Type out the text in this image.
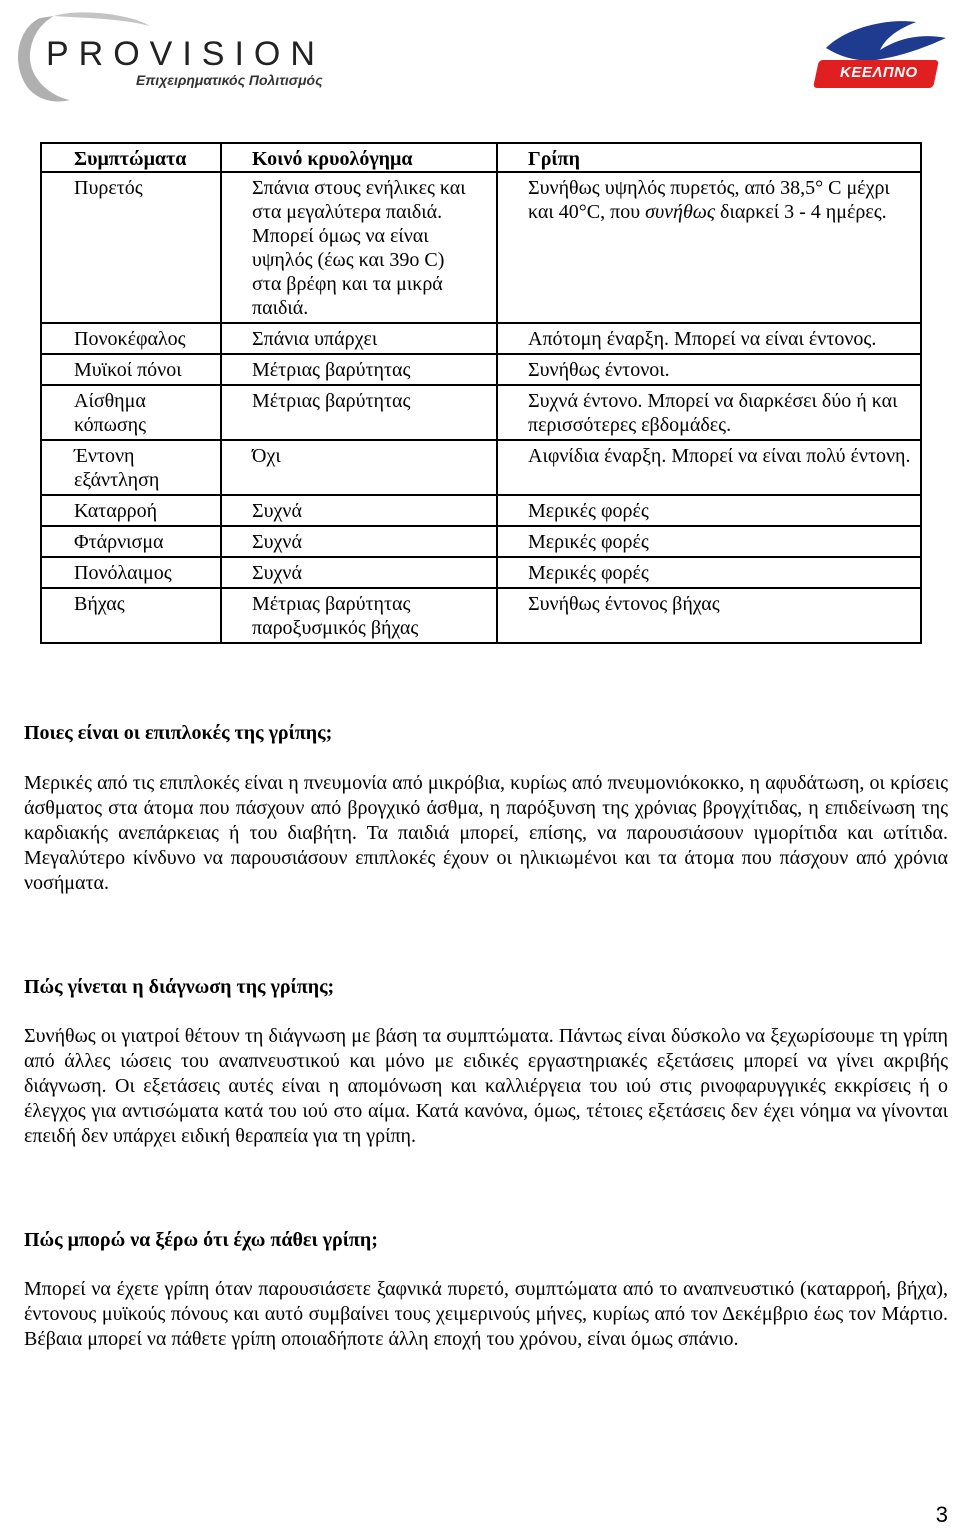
PROVISION
Επιχειρηματικός Πολιτισμός	ΚΕΕΛΠΝΟ
Συμπτώματα	Κοινό κρυολόγημα	Γρίπη
Πυρετός	Σπάνια στους ενήλικες και στα μεγαλύτερα παιδιά. Μπορεί όμως να είναι υψηλός (έως και 39ο C) στα βρέφη και τα μικρά παιδιά.	Συνήθως υψηλός πυρετός, από 38,5° C μέχρι και 40°C, που συνήθως διαρκεί 3 - 4 ημέρες.
Πονοκέφαλος	Σπάνια υπάρχει	Απότομη έναρξη. Μπορεί να είναι έντονος.
Μυϊκοί πόνοι	Μέτριας βαρύτητας	Συνήθως έντονοι.
Αίσθημα κόπωσης	Μέτριας βαρύτητας	Συχνά έντονο. Μπορεί να διαρκέσει δύο ή και περισσότερες εβδομάδες.
Έντονη εξάντληση	Όχι	Αιφνίδια έναρξη. Μπορεί να είναι πολύ έντονη.
Καταρροή	Συχνά	Μερικές φορές
Φτάρνισμα	Συχνά	Μερικές φορές
Πονόλαιμος	Συχνά	Μερικές φορές
Βήχας	Μέτριας βαρύτητας παροξυσμικός βήχας	Συνήθως έντονος βήχας
Ποιες είναι οι επιπλοκές της γρίπης;

Μερικές από τις επιπλοκές είναι η πνευμονία από μικρόβια, κυρίως από πνευμονιόκοκκο, η αφυδάτωση, οι κρίσεις άσθματος στα άτομα που πάσχουν από βρογχικό άσθμα, η παρόξυνση της χρόνιας βρογχίτιδας, η επιδείνωση της καρδιακής ανεπάρκειας ή του διαβήτη. Τα παιδιά μπορεί, επίσης, να παρουσιάσουν ιγμορίτιδα και ωτίτιδα. Μεγαλύτερο κίνδυνο να παρουσιάσουν επιπλοκές έχουν οι ηλικιωμένοι και τα άτομα που πάσχουν από χρόνια νοσήματα.

Πώς γίνεται η διάγνωση της γρίπης;

Συνήθως οι γιατροί θέτουν τη διάγνωση με βάση τα συμπτώματα. Πάντως είναι δύσκολο να ξεχωρίσουμε τη γρίπη από άλλες ιώσεις του αναπνευστικού και μόνο με ειδικές εργαστηριακές εξετάσεις μπορεί να γίνει ακριβής διάγνωση. Οι εξετάσεις αυτές είναι η απομόνωση και καλλιέργεια του ιού στις ρινοφαρυγγικές εκκρίσεις ή ο έλεγχος για αντισώματα κατά του ιού στο αίμα. Κατά κανόνα, όμως, τέτοιες εξετάσεις δεν έχει νόημα να γίνονται επειδή δεν υπάρχει ειδική θεραπεία για τη γρίπη.

Πώς μπορώ να ξέρω ότι έχω πάθει γρίπη;

Μπορεί να έχετε γρίπη όταν παρουσιάσετε ξαφνικά πυρετό, συμπτώματα από το αναπνευστικό (καταρροή, βήχα), έντονους μυϊκούς πόνους και αυτό συμβαίνει τους χειμερινούς μήνες, κυρίως από τον Δεκέμβριο έως τον Μάρτιο. Βέβαια μπορεί να πάθετε γρίπη οποιαδήποτε άλλη εποχή του χρόνου, είναι όμως σπάνιο.

3
